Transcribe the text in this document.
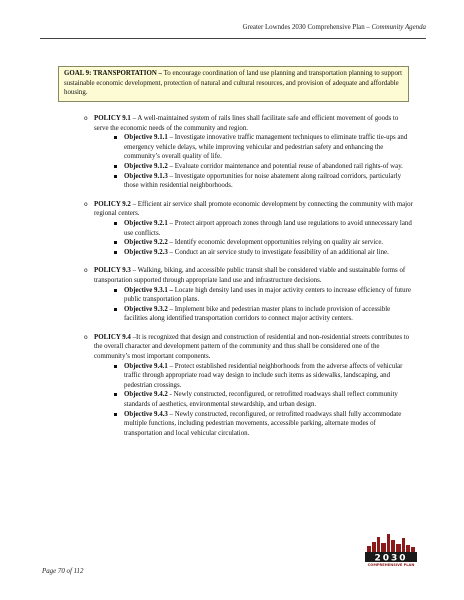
Greater Lowndes 2030 Comprehensive Plan – Community Agenda
GOAL 9: TRANSPORTATION – To encourage coordination of land use planning and transportation planning to support sustainable economic development, protection of natural and cultural resources, and provision of adequate and affordable housing.
o POLICY 9.1 – A well-maintained system of rails lines shall facilitate safe and efficient movement of goods to serve the economic needs of the community and region.
Objective 9.1.1 – Investigate innovative traffic management techniques to eliminate traffic tie-ups and emergency vehicle delays, while improving vehicular and pedestrian safety and enhancing the community’s overall quality of life.
Objective 9.1.2 – Evaluate corridor maintenance and potential reuse of abandoned rail rights-of way.
Objective 9.1.3 – Investigate opportunities for noise abatement along railroad corridors, particularly those within residential neighborhoods.
o POLICY 9.2 – Efficient air service shall promote economic development by connecting the community with major regional centers.
Objective 9.2.1 – Protect airport approach zones through land use regulations to avoid unnecessary land use conflicts.
Objective 9.2.2 – Identify economic development opportunities relying on quality air service.
Objective 9.2.3 – Conduct an air service study to investigate feasibility of an additional air line.
o POLICY 9.3 – Walking, biking, and accessible public transit shall be considered viable and sustainable forms of transportation supported through appropriate land use and infrastructure decisions.
Objective 9.3.1 – Locate high density land uses in major activity centers to increase efficiency of future public transportation plans.
Objective 9.3.2 – Implement bike and pedestrian master plans to include provision of accessible facilities along identified transportation corridors to connect major activity centers.
o POLICY 9.4 –It is recognized that design and construction of residential and non-residential streets contributes to the overall character and development pattern of the community and thus shall be considered one of the community’s most important components.
Objective 9.4.1 – Protect established residential neighborhoods from the adverse affects of vehicular traffic through appropriate road way design to include such items as sidewalks, landscaping, and pedestrian crossings.
Objective 9.4.2 - Newly constructed, reconfigured, or retrofitted roadways shall reflect community standards of aesthetics, environmental stewardship, and urban design.
Objective 9.4.3 – Newly constructed, reconfigured, or retrofitted roadways shall fully accommodate multiple functions, including pedestrian movements, accessible parking, alternate modes of transportation and local vehicular circulation.
Page 70 of 112
2030
COMPREHENSIVE PLAN
